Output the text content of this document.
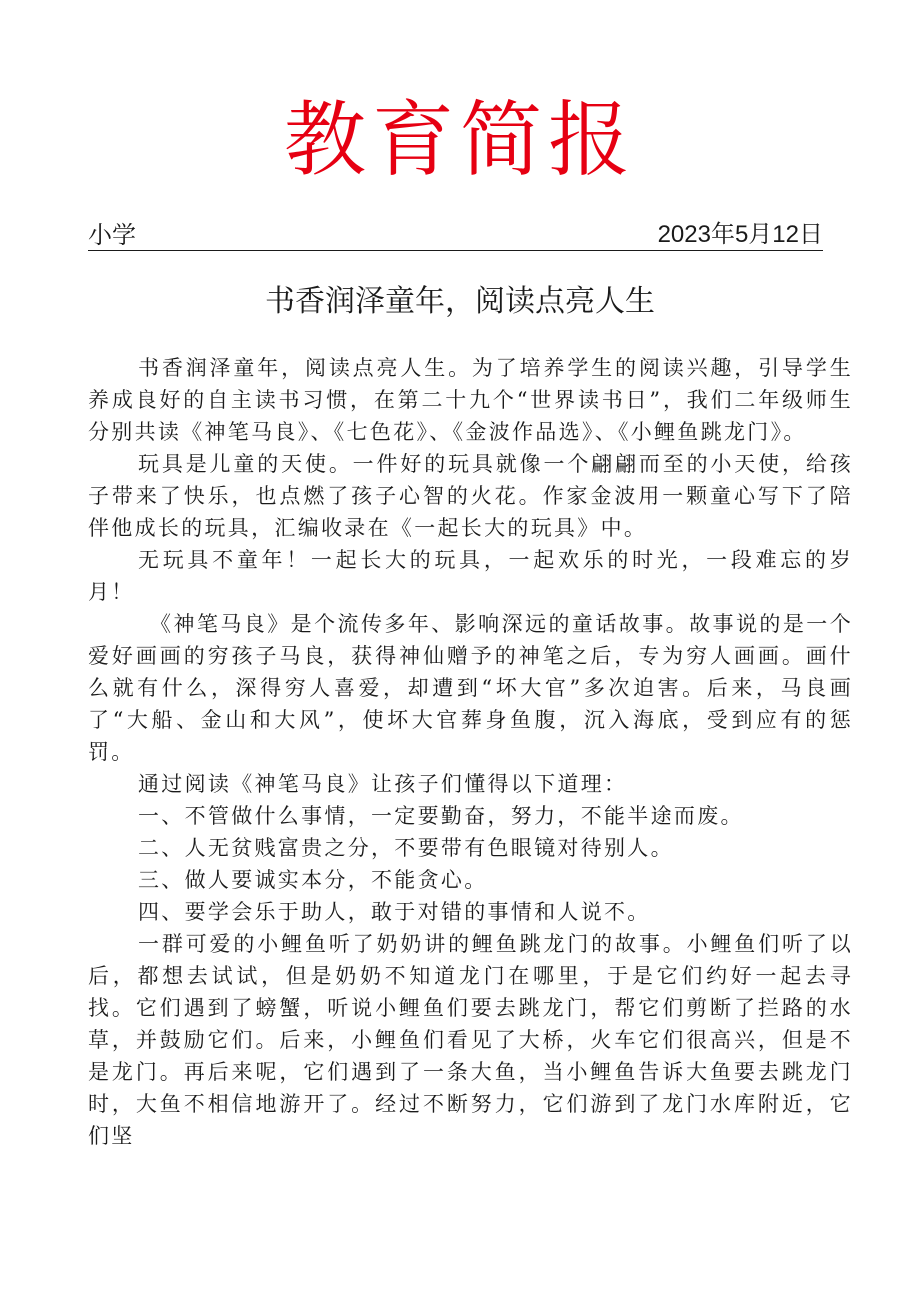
教育简报
小学	2023年5月12日
书香润泽童年，阅读点亮人生

书香润泽童年，阅读点亮人生。为了培养学生的阅读兴趣，引导学生养成良好的自主读书习惯，在第二十九个“世界读书日”，我们二年级师生分别共读《神笔马良》、《七色花》、《金波作品选》、《小鲤鱼跳龙门》。

玩具是儿童的天使。一件好的玩具就像一个翩翩而至的小天使，给孩子带来了快乐，也点燃了孩子心智的火花。作家金波用一颗童心写下了陪伴他成长的玩具，汇编收录在《一起长大的玩具》中。

无玩具不童年！一起长大的玩具，一起欢乐的时光，一段难忘的岁月！

《神笔马良》是个流传多年、影响深远的童话故事。故事说的是一个爱好画画的穷孩子马良，获得神仙赠予的神笔之后，专为穷人画画。画什么就有什么，深得穷人喜爱，却遭到“坏大官”多次迫害。后来，马良画了“大船、金山和大风”，使坏大官葬身鱼腹，沉入海底，受到应有的惩罚。

通过阅读《神笔马良》让孩子们懂得以下道理：

一、不管做什么事情，一定要勤奋，努力，不能半途而废。

二、人无贫贱富贵之分，不要带有色眼镜对待别人。

三、做人要诚实本分，不能贪心。

四、要学会乐于助人，敢于对错的事情和人说不。

一群可爱的小鲤鱼听了奶奶讲的鲤鱼跳龙门的故事。小鲤鱼们听了以后，都想去试试，但是奶奶不知道龙门在哪里，于是它们约好一起去寻找。它们遇到了螃蟹，听说小鲤鱼们要去跳龙门，帮它们剪断了拦路的水草，并鼓励它们。后来，小鲤鱼们看见了大桥，火车它们很高兴，但是不是龙门。再后来呢，它们遇到了一条大鱼，当小鲤鱼告诉大鱼要去跳龙门时，大鱼不相信地游开了。经过不断努力，它们游到了龙门水库附近，它们坚
